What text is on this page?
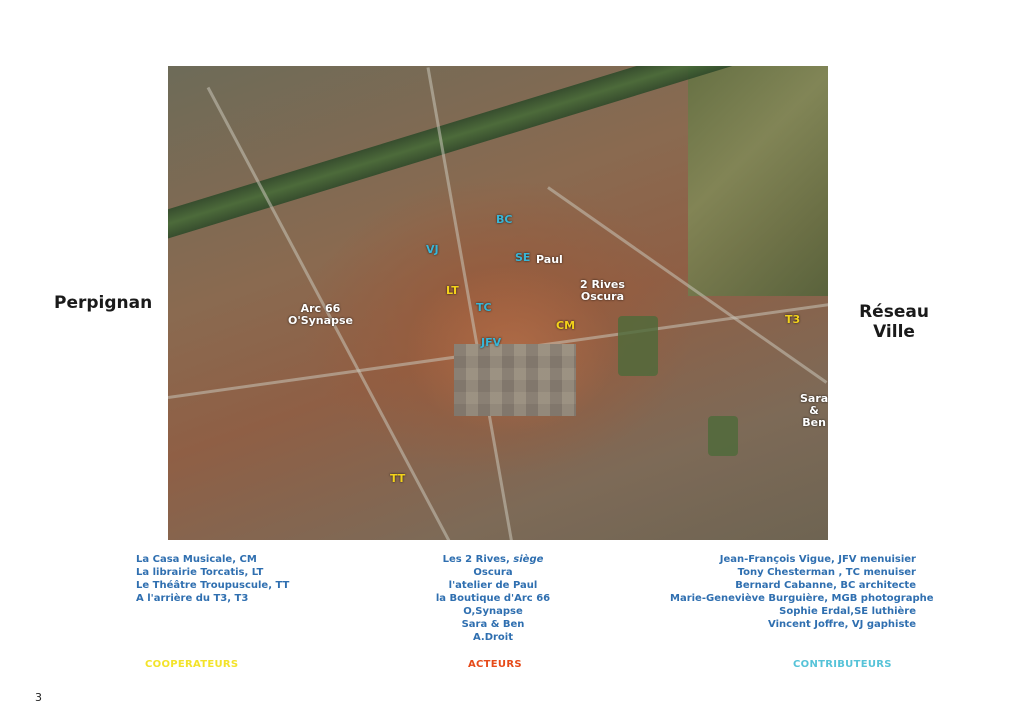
Perpignan	Réseau
Ville
BC
VJ
SE Paul
2 Rives
Oscura
LT
TC
Arc 66
O'Synapse	CM
JFV
T3
Sara
&
Ben
TT
La Casa Musicale, CM
La librairie Torcatis, LT
Le Théâtre Troupuscule, TT
A l'arrière du T3, T3
Les 2 Rives, siège
Oscura
l'atelier de Paul
la Boutique d'Arc 66
O,Synapse
Sara & Ben
A.Droit
Jean-François Vigue, JFV menuisier
Tony Chesterman , TC menuiser
Bernard Cabanne, BC architecte
Marie-Geneviève Burguière, MGB photographe
Sophie Erdal,SE luthière
Vincent Joffre, VJ gaphiste
COOPERATEURS	ACTEURS	CONTRIBUTEURS
3
